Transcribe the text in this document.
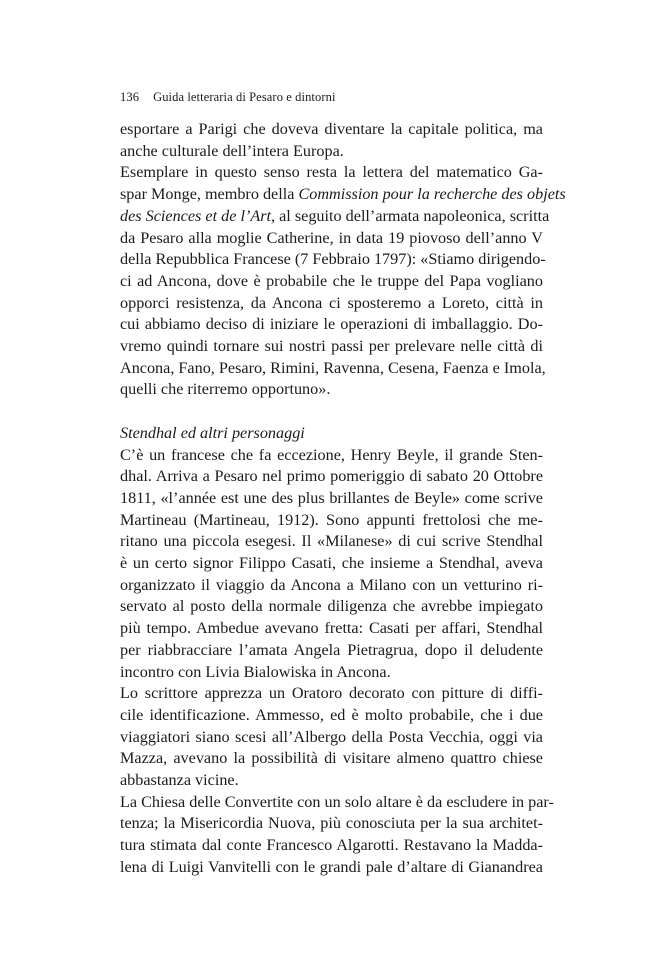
136 Guida letteraria di Pesaro e dintorni
esportare a Parigi che doveva diventare la capitale politica, ma
anche culturale dell’intera Europa.
Esemplare in questo senso resta la lettera del matematico Ga-
spar Monge, membro della Commission pour la recherche des objets
des Sciences et de l’Art, al seguito dell’armata napoleonica, scritta
da Pesaro alla moglie Catherine, in data 19 piovoso dell’anno V
della Repubblica Francese (7 Febbraio 1797): «Stiamo dirigendo-
ci ad Ancona, dove è probabile che le truppe del Papa vogliano
opporci resistenza, da Ancona ci sposteremo a Loreto, città in
cui abbiamo deciso di iniziare le operazioni di imballaggio. Do-
vremo quindi tornare sui nostri passi per prelevare nelle città di
Ancona, Fano, Pesaro, Rimini, Ravenna, Cesena, Faenza e Imola,
quelli che riterremo opportuno».
Stendhal ed altri personaggi
C’è un francese che fa eccezione, Henry Beyle, il grande Sten-
dhal. Arriva a Pesaro nel primo pomeriggio di sabato 20 Ottobre
1811, «l’année est une des plus brillantes de Beyle» come scrive
Martineau (Martineau, 1912). Sono appunti frettolosi che me-
ritano una piccola esegesi. Il «Milanese» di cui scrive Stendhal
è un certo signor Filippo Casati, che insieme a Stendhal, aveva
organizzato il viaggio da Ancona a Milano con un vetturino ri-
servato al posto della normale diligenza che avrebbe impiegato
più tempo. Ambedue avevano fretta: Casati per affari, Stendhal
per riabbracciare l’amata Angela Pietragrua, dopo il deludente
incontro con Livia Bialowiska in Ancona.
Lo scrittore apprezza un Oratoro decorato con pitture di diffi-
cile identificazione. Ammesso, ed è molto probabile, che i due
viaggiatori siano scesi all’Albergo della Posta Vecchia, oggi via
Mazza, avevano la possibilità di visitare almeno quattro chiese
abbastanza vicine.
La Chiesa delle Convertite con un solo altare è da escludere in par-
tenza; la Misericordia Nuova, più conosciuta per la sua architet-
tura stimata dal conte Francesco Algarotti. Restavano la Madda-
lena di Luigi Vanvitelli con le grandi pale d’altare di Gianandrea
